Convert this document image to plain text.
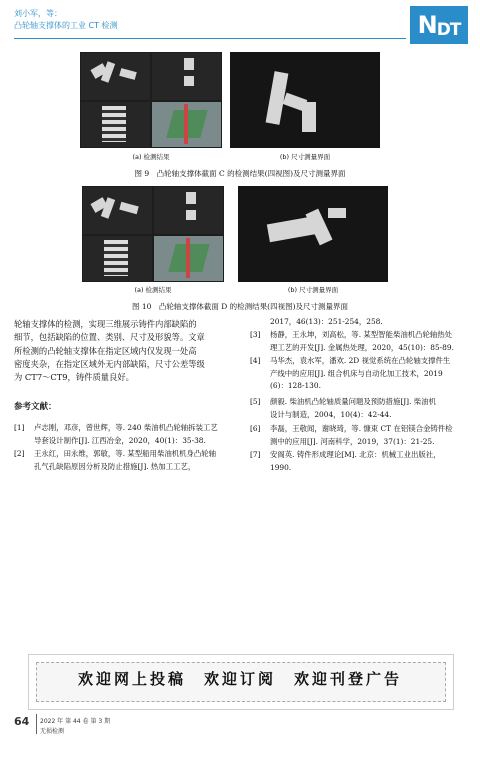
刘小军，等：
凸轮轴支撑体的工业 CT 检测	NDT
(a) 检测结果	(b) 尺寸测量界面
图 9　凸轮轴支撑体截面 C 的检测结果(四视图)及尺寸测量界面
(a) 检测结果	(b) 尺寸测量界面
图 10　凸轮轴支撑体截面 D 的检测结果(四视图)及尺寸测量界面
轮轴支撑体的检测，实现三维展示铸件内部缺陷的
细节，包括缺陷的位置、类别、尺寸及形貌等。文章
所检测的凸轮轴支撑体在指定区域内仅发现一处高
密度夹杂，在指定区域外无内部缺陷，尺寸公差等级
为 CT7～CT9，铸件质量良好。
参考文献：
[1] 卢志刚，邓彦，曾世辉，等. 240 柴油机凸轮轴拆装工艺
导套设计制作[J]. 江西冶金，2020，40(1)：35-38.
[2] 王永红，田永维，郭敏，等. 某型船用柴油机机身凸轮轴
孔气孔缺陷原因分析及防止措施[J]. 热加工工艺，
2017，46(13)：251-254，258.
[3] 杨静，王永坤，刘高松，等. 某型智能柴油机凸轮轴热处
理工艺的开发[J]. 金属热处理，2020，45(10)：85-89.
[4] 马华杰，袁水军，潘欢. 2D 视觉系统在凸轮轴支撑件生
产线中的应用[J]. 组合机床与自动化加工技术，2019
(6)：128-130.
[5] 颜毅. 柴油机凸轮轴质量问题及预防措施[J]. 柴油机
设计与制造，2004，10(4)：42-44.
[6] 李磊，王敬闻，谢晓琦，等. 慷束 CT 在铝镁合金铸件检
测中的应用[J]. 河南科学，2019，37(1)：21-25.
[7] 安阁英. 铸件形成理论[M]. 北京：机械工业出版社，
1990.
欢迎网上投稿　欢迎订阅　欢迎刊登广告
64 2022 年 第 44 卷 第 3 期
无损检测
